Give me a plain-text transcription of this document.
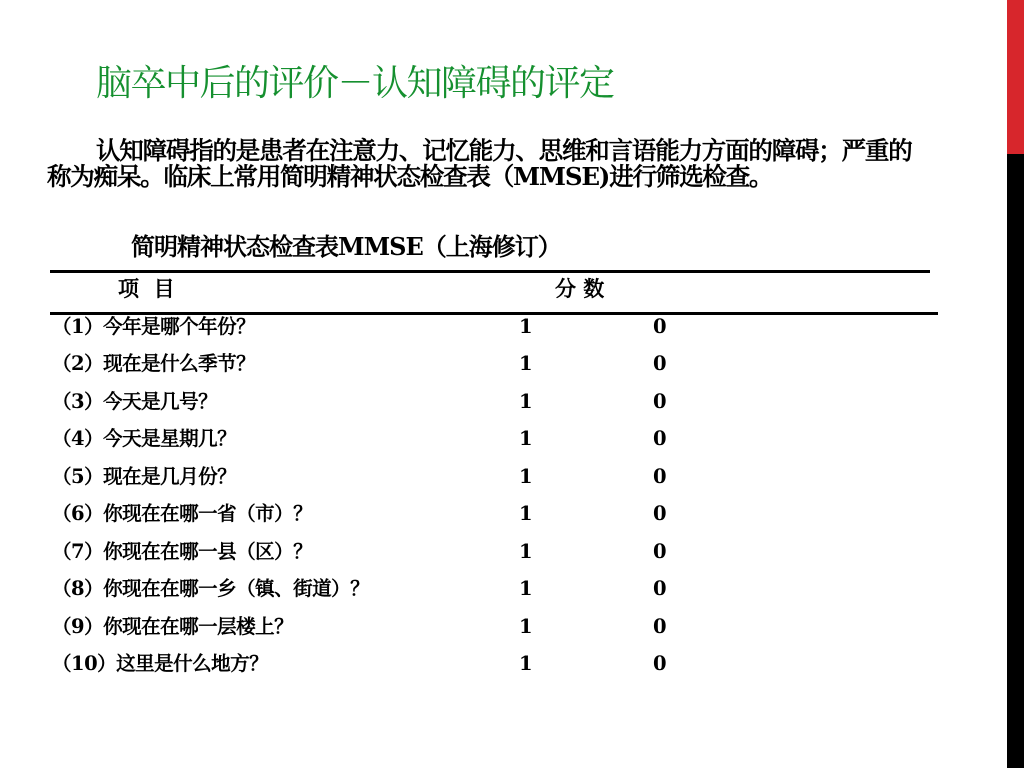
脑卒中后的评价－认知障碍的评定
认知障碍指的是患者在注意力、记忆能力、思维和言语能力方面的障碍；严重的称为痴呆。临床上常用简明精神状态检查表（MMSE)进行筛选检查。
简明精神状态检查表MMSE（上海修订）
项  目	分 数
（1）今年是哪个年份？	1	0
（2）现在是什么季节？	1	0
（3）今天是几号？	1	0
（4）今天是星期几？	1	0
（5）现在是几月份？	1	0
（6）你现在在哪一省（市）？	1	0
（7）你现在在哪一县（区）？	1	0
（8）你现在在哪一乡（镇、街道）？	1	0
（9）你现在在哪一层楼上？	1	0
（10）这里是什么地方？	1	0
